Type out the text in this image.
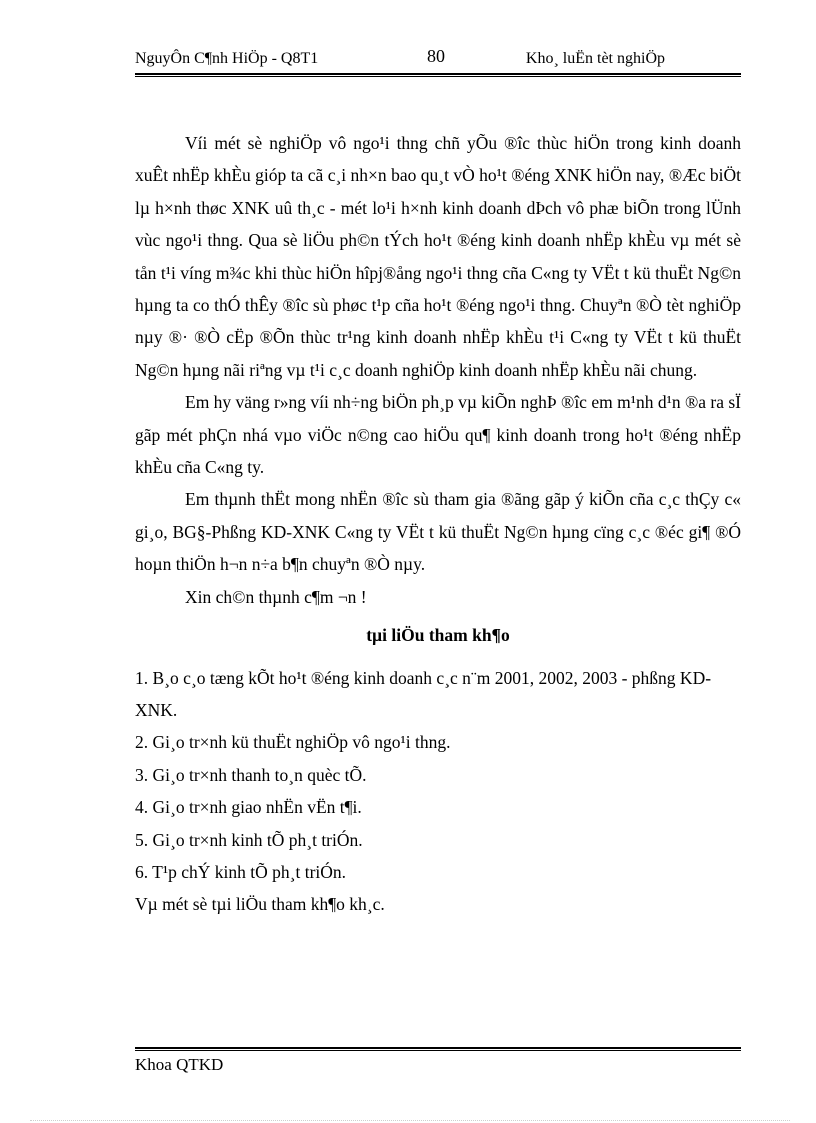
NguyÔn C¶nh HiÖp - Q8T1	80	Kho¸ luËn tèt nghiÖp

Víi mét sè nghiÖp vô ngo¹i thng chñ yÕu ®îc thùc hiÖn trong kinh doanh xuÊt nhËp khÈu gióp ta cã c¸i nh×n bao qu¸t vÒ ho¹t ®éng XNK hiÖn nay, ®Æc biÖt lµ h×nh thøc XNK uû th¸c - mét lo¹i h×nh kinh doanh dÞch vô phæ biÕn trong lÜnh vùc ngo¹i thng. Qua sè liÖu ph©n tÝch ho¹t ®éng kinh doanh nhËp khÈu vµ mét sè tån t¹i víng m¾c khi thùc hiÖn hîpj®ång ngo¹i thng cña C«ng ty VËt t kü thuËt Ng©n hµng ta co thÓ thÊy ®îc sù phøc t¹p cña ho¹t ®éng ngo¹i thng. Chuyªn ®Ò tèt nghiÖp nµy ®· ®Ò cËp ®Õn thùc tr¹ng kinh doanh nhËp khÈu t¹i C«ng ty VËt t kü thuËt Ng©n hµng nãi riªng vµ t¹i c¸c doanh nghiÖp kinh doanh nhËp khÈu nãi chung.

Em hy väng r»ng víi nh÷ng biÖn ph¸p vµ kiÕn nghÞ ®îc em m¹nh d¹n ®a ra sÏ gãp mét phÇn nhá vµo viÖc n©ng cao hiÖu qu¶ kinh doanh trong ho¹t ®éng nhËp khÈu cña C«ng ty.

Em thµnh thËt mong nhËn ®îc sù tham gia ®ãng gãp ý kiÕn cña c¸c thÇy c« gi¸o, BG§-Phßng KD-XNK C«ng ty VËt t kü thuËt Ng©n hµng cïng c¸c ®éc gi¶ ®Ó hoµn thiÖn h¬n n÷a b¶n chuyªn ®Ò nµy.

Xin ch©n thµnh c¶m ¬n !

tµi liÖu tham kh¶o

1. B¸o c¸o tæng kÕt ho¹t ®éng kinh doanh c¸c n¨m 2001, 2002, 2003 - phßng KD-XNK.

2. Gi¸o tr×nh kü thuËt nghiÖp vô ngo¹i thng.

3. Gi¸o tr×nh thanh to¸n quèc tÕ.

4. Gi¸o tr×nh giao nhËn vËn t¶i.

5. Gi¸o tr×nh kinh tÕ ph¸t triÓn.

6. T¹p chÝ kinh tÕ ph¸t triÓn.

Vµ mét sè tµi liÖu tham kh¶o kh¸c.

Khoa QTKD
